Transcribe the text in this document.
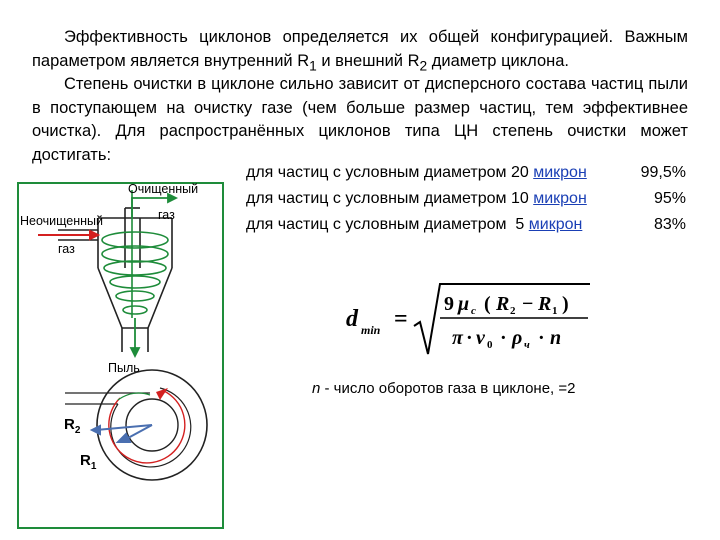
Эффективность циклонов определяется их общей конфигурацией. Важным параметром является внутренний $R_1$ и внешний $R_2$ диаметр циклона.
Степень очистки в циклоне сильно зависит от дисперсного состава частиц пыли в поступающем на очистку газе (чем больше размер частиц, тем эффективнее очистка). Для распространённых циклонов типа ЦН степень очистки может достигать:
для частиц с условным диаметром 20 микрон	99,5%
для частиц с условным диаметром 10 микрон	95%
для частиц с условным диаметром  5 микрон	83%
Очищенный
газ
Неочищенный
газ
Пыль
$R_2$
$R_1$
d min =
9 μ c ( R 2 − R 1 )
π · v 0 · ρ ч · n
n - число оборотов газа в циклоне, =2
